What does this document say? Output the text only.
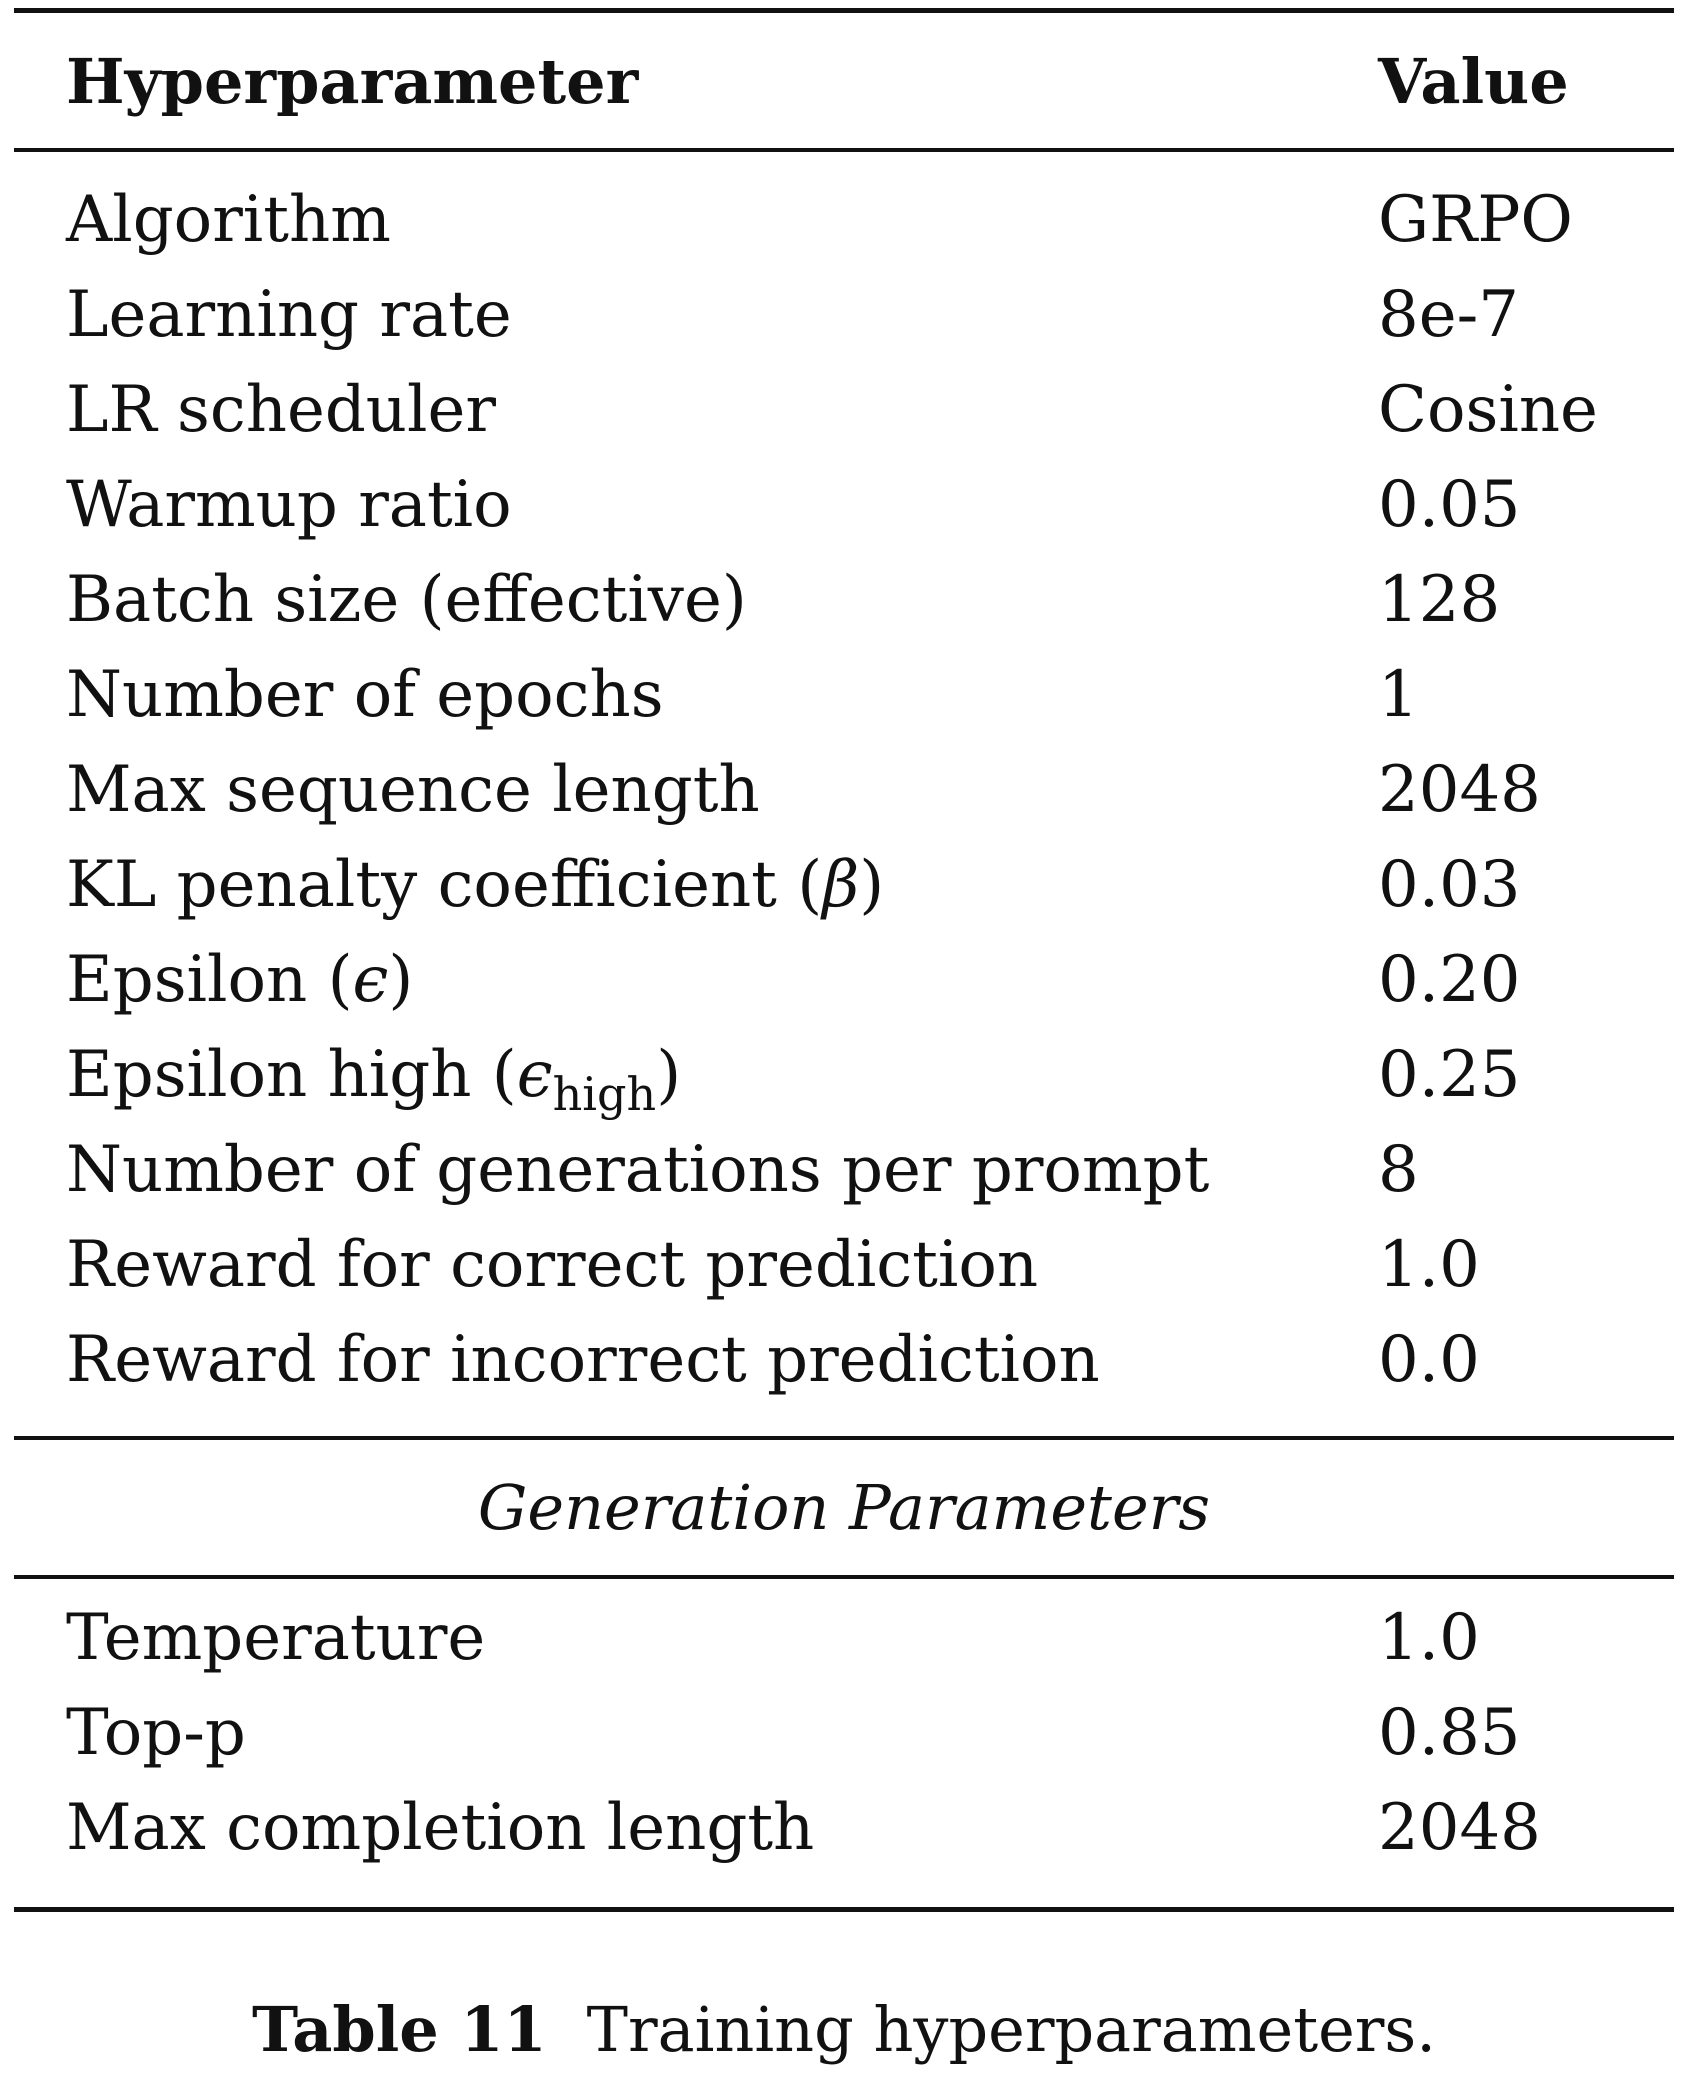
Hyperparameter	Value
Algorithm	GRPO
Learning rate	8e-7
LR scheduler	Cosine
Warmup ratio	0.05
Batch size (effective)	128
Number of epochs	1
Max sequence length	2048
KL penalty coefficient (β)	0.03
Epsilon (ϵ)	0.20
Epsilon high $(\epsilon_{high})$	0.25
Number of generations per prompt	8
Reward for correct prediction	1.0
Reward for incorrect prediction	0.0
Generation Parameters
Temperature	1.0
Top-p	0.85
Max completion length	2048
Table 11 Training hyperparameters.
